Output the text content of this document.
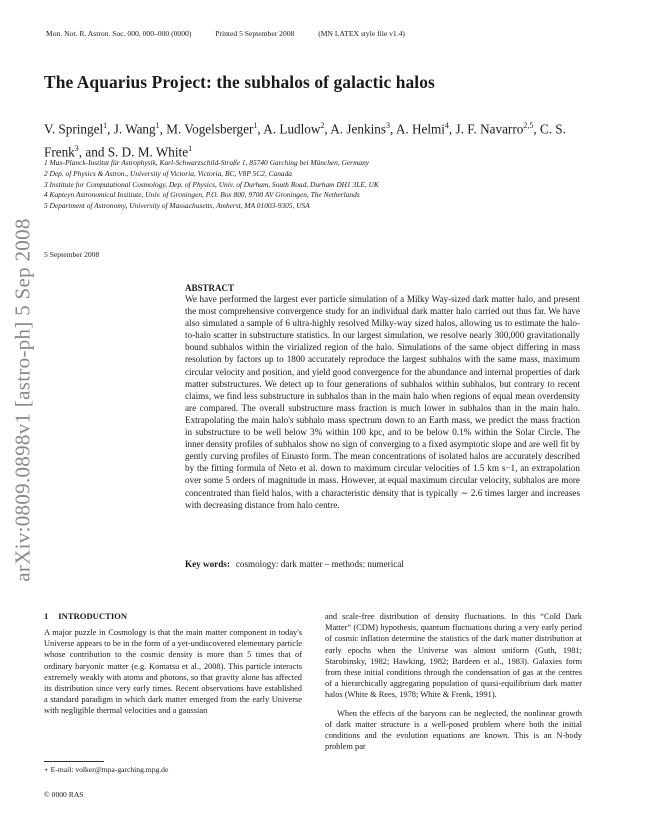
Mon. Not. R. Astron. Soc. 000, 000–000 (0000)	Printed 5 September 2008	(MN LATEX style file v1.4)
arXiv:0809.0898v1 [astro-ph] 5 Sep 2008
The Aquarius Project: the subhalos of galactic halos
V. Springel$^1$, J. Wang$^1$, M. Vogelsberger$^1$, A. Ludlow$^2$, A. Jenkins$^3$, A. Helmi$^4$, J. F. Navarro$^{2,5}$, C. S. Frenk$^3$, and S. D. M. White$^1$
1 Max-Planck-Institut für Astrophysik, Karl-Schwarzschild-Straße 1, 85740 Garching bei München, Germany
2 Dep. of Physics & Astron., University of Victoria, Victoria, BC, V8P 5C2, Canada
3 Institute for Computational Cosmology, Dep. of Physics, Univ. of Durham, South Road, Durham DH1 3LE, UK
4 Kapteyn Astronomical Institute, Univ. of Groningen, P.O. Box 800, 9700 AV Groningen, The Netherlands
5 Department of Astronomy, University of Massachusetts, Amherst, MA 01003-9305, USA
5 September 2008
ABSTRACT
We have performed the largest ever particle simulation of a Milky Way-sized dark matter halo, and present the most comprehensive convergence study for an individual dark matter halo carried out thus far. We have also simulated a sample of 6 ultra-highly resolved Milky-way sized halos, allowing us to estimate the halo-to-halo scatter in substructure statistics. In our largest simulation, we resolve nearly 300,000 gravitationally bound subhalos within the virialized region of the halo. Simulations of the same object differing in mass resolution by factors up to 1800 accurately reproduce the largest subhalos with the same mass, maximum circular velocity and position, and yield good convergence for the abundance and internal properties of dark matter substructures. We detect up to four generations of subhalos within subhalos, but contrary to recent claims, we find less substructure in subhalos than in the main halo when regions of equal mean overdensity are compared. The overall substructure mass fraction is much lower in subhalos than in the main halo. Extrapolating the main halo's subhalo mass spectrum down to an Earth mass, we predict the mass fraction in substructure to be well below 3% within 100 kpc, and to be below 0.1% within the Solar Circle. The inner density profiles of subhalos show no sign of converging to a fixed asymptotic slope and are well fit by gently curving profiles of Einasto form. The mean concentrations of isolated halos are accurately described by the fitting formula of Neto et al. down to maximum circular velocities of 1.5 km s−1, an extrapolation over some 5 orders of magnitude in mass. However, at equal maximum circular velocity, subhalos are more concentrated than field halos, with a characteristic density that is typically ∼ 2.6 times larger and increases with decreasing distance from halo centre.
Key words: cosmology: dark matter – methods: numerical
1 INTRODUCTION
A major puzzle in Cosmology is that the main matter component in today's Universe appears to be in the form of a yet-undiscovered elementary particle whose contribution to the cosmic density is more than 5 times that of ordinary baryonic matter (e.g. Komatsu et al., 2008). This particle interacts extremely weakly with atoms and photons, so that gravity alone has affected its distribution since very early times. Recent observations have established a standard paradigm in which dark matter emerged from the early Universe with negligible thermal velocities and a gaussian

and scale-free distribution of density fluctuations. In this “Cold Dark Matter” (CDM) hypothesis, quantum fluctuations during a very early period of cosmic inflation determine the statistics of the dark matter distribution at early epochs when the Universe was almost uniform (Guth, 1981; Starobinsky, 1982; Hawking, 1982; Bardeen et al., 1983). Galaxies form from these initial conditions through the condensation of gas at the centres of a hierarchically aggregating population of quasi-equilibrium dark matter halos (White & Rees, 1978; White & Frenk, 1991).

When the effects of the baryons can be neglected, the nonlinear growth of dark matter structure is a well-posed problem where both the initial conditions and the evolution equations are known. This is an N-body problem par

⋆ E-mail: volker@mpa-garching.mpg.de
© 0000 RAS
